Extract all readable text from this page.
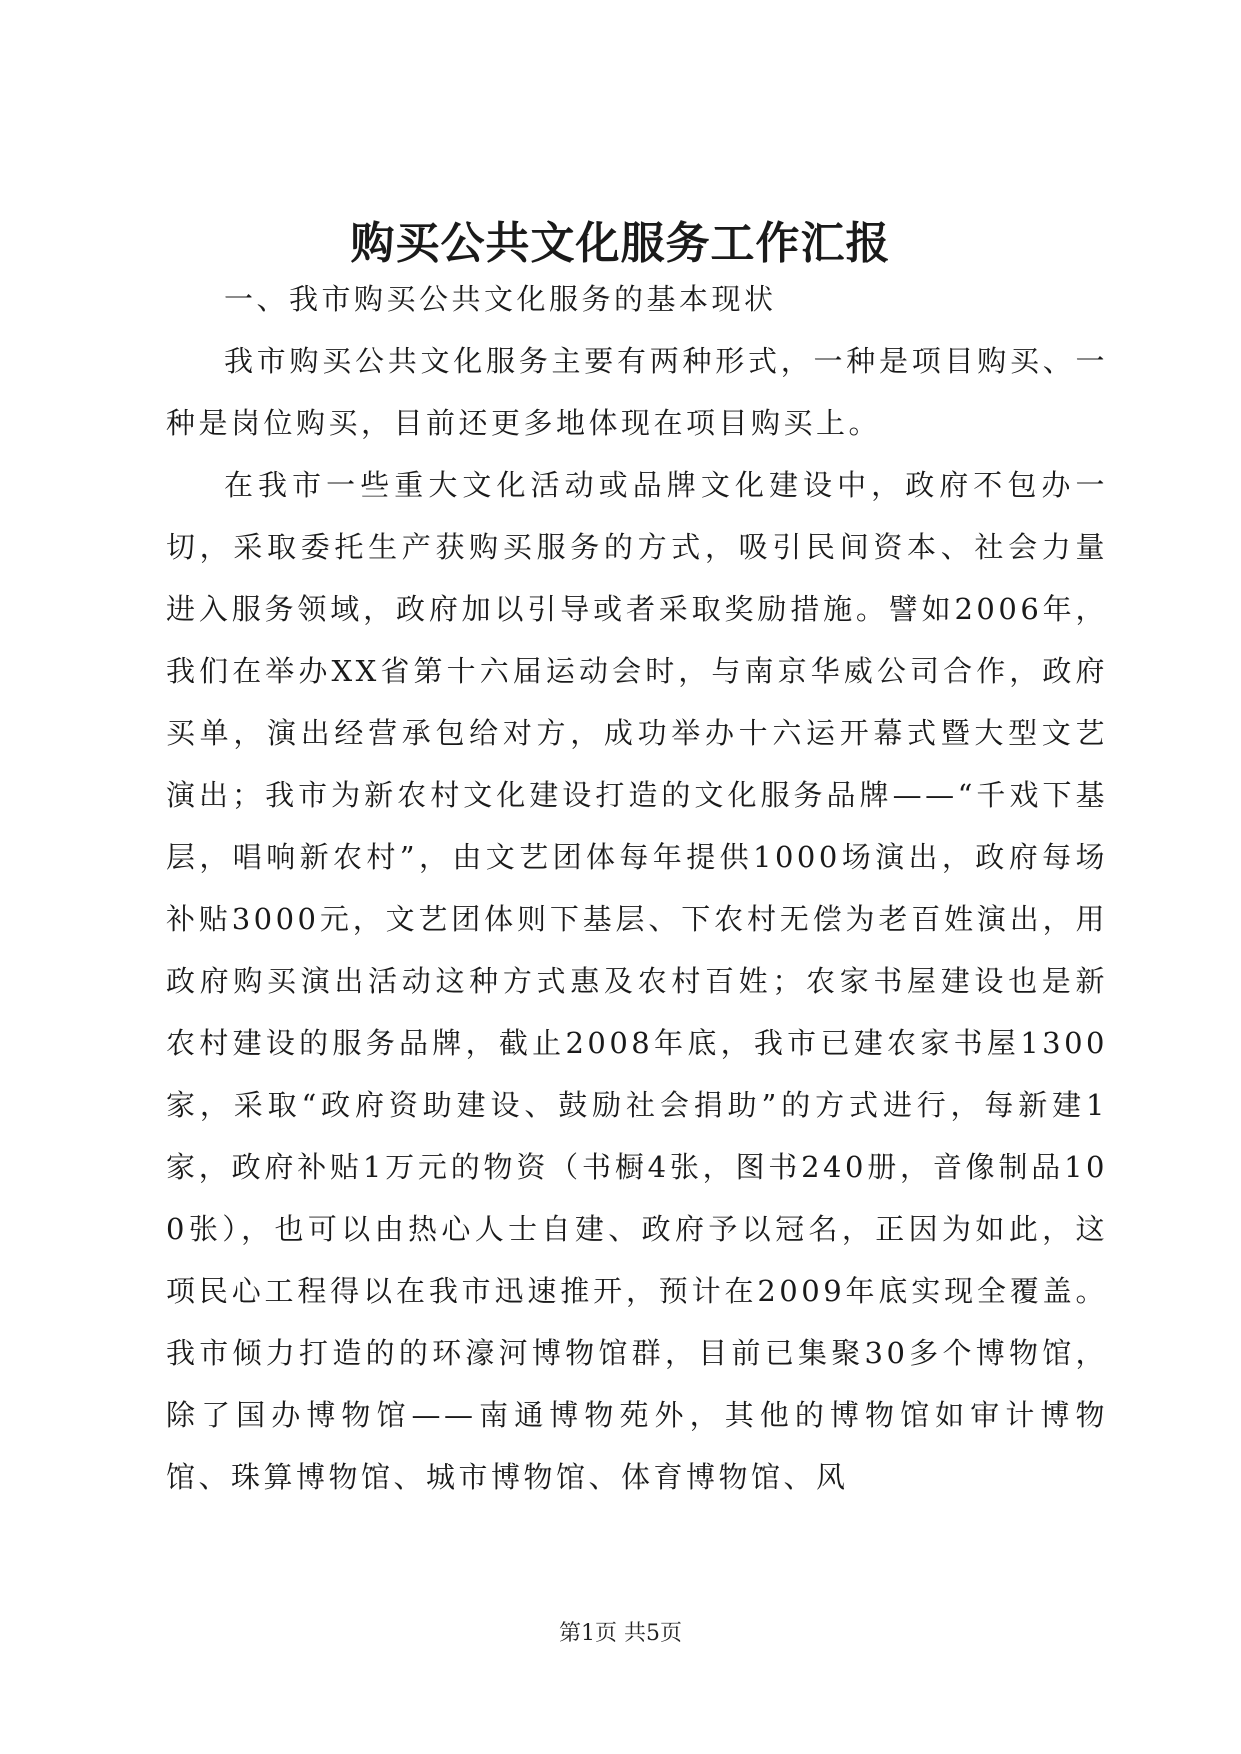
购买公共文化服务工作汇报

一、我市购买公共文化服务的基本现状

我市购买公共文化服务主要有两种形式，一种是项目购买、一种是岗位购买，目前还更多地体现在项目购买上。

在我市一些重大文化活动或品牌文化建设中，政府不包办一切，采取委托生产获购买服务的方式，吸引民间资本、社会力量进入服务领域，政府加以引导或者采取奖励措施。譬如2006年，我们在举办XX省第十六届运动会时，与南京华威公司合作，政府买单，演出经营承包给对方，成功举办十六运开幕式暨大型文艺演出；我市为新农村文化建设打造的文化服务品牌——“千戏下基层，唱响新农村”，由文艺团体每年提供1000场演出，政府每场补贴3000元，文艺团体则下基层、下农村无偿为老百姓演出，用政府购买演出活动这种方式惠及农村百姓；农家书屋建设也是新农村建设的服务品牌，截止2008年底，我市已建农家书屋1300家，采取“政府资助建设、鼓励社会捐助”的方式进行，每新建1家，政府补贴1万元的物资（书橱4张，图书240册，音像制品100张），也可以由热心人士自建、政府予以冠名，正因为如此，这项民心工程得以在我市迅速推开，预计在2009年底实现全覆盖。我市倾力打造的的环濠河博物馆群，目前已集聚30多个博物馆，除了国办博物馆——南通博物苑外，其他的博物馆如审计博物馆、珠算博物馆、城市博物馆、体育博物馆、风

第1页 共5页
